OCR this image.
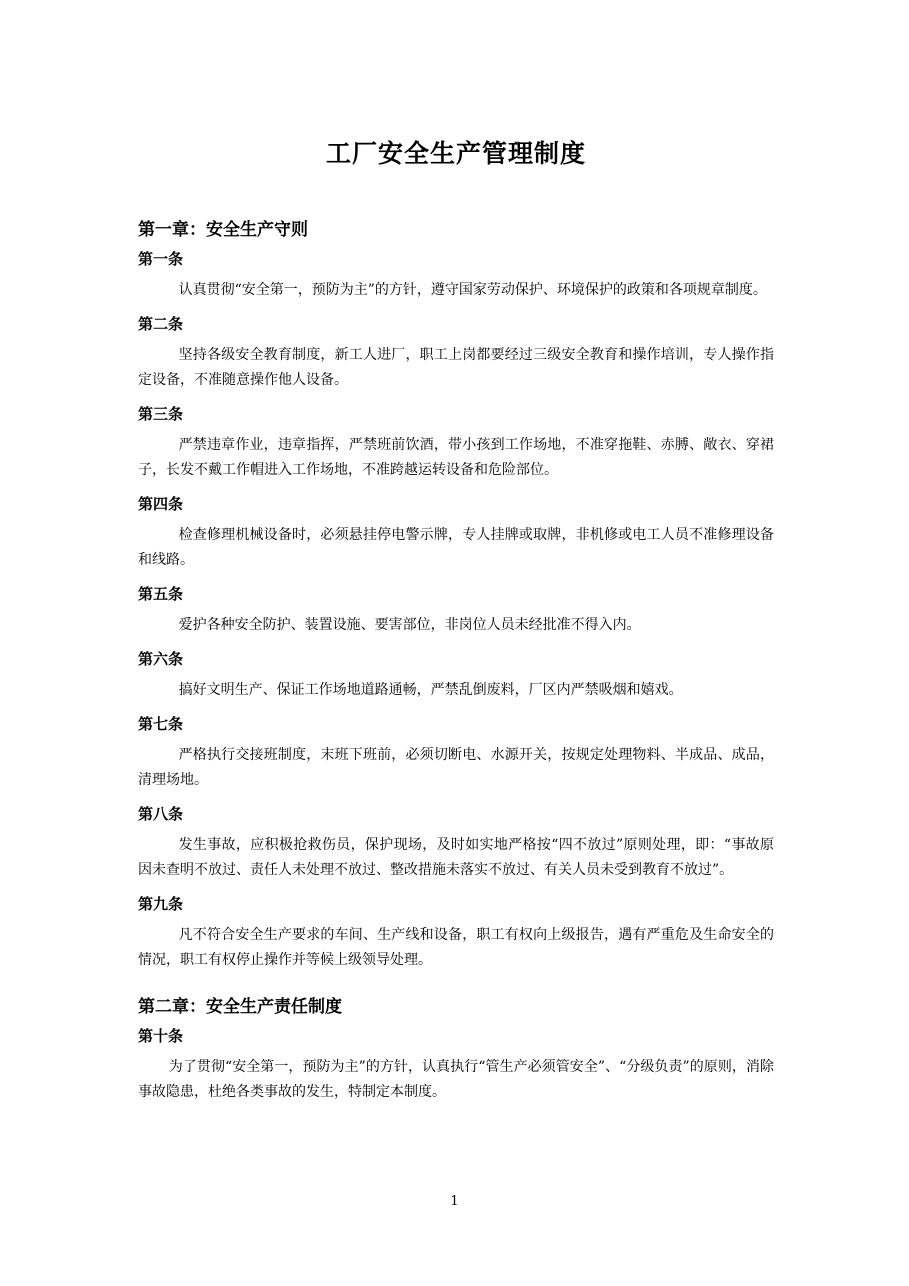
工厂安全生产管理制度
第一章：安全生产守则
第一条

认真贯彻“安全第一，预防为主”的方针，遵守国家劳动保护、环境保护的政策和各项规章制度。

第二条

坚持各级安全教育制度，新工人进厂，职工上岗都要经过三级安全教育和操作培训，专人操作指定设备，不准随意操作他人设备。

第三条

严禁违章作业，违章指挥，严禁班前饮酒，带小孩到工作场地，不准穿拖鞋、赤膊、敞衣、穿裙子，长发不戴工作帽进入工作场地，不准跨越运转设备和危险部位。

第四条

检查修理机械设备时，必须悬挂停电警示牌，专人挂牌或取牌，非机修或电工人员不准修理设备和线路。

第五条

爱护各种安全防护、装置设施、要害部位，非岗位人员未经批准不得入内。

第六条

搞好文明生产、保证工作场地道路通畅，严禁乱倒废料，厂区内严禁吸烟和嬉戏。

第七条

严格执行交接班制度，末班下班前，必须切断电、水源开关，按规定处理物料、半成品、成品，清理场地。

第八条

发生事故，应积极抢救伤员，保护现场，及时如实地严格按“四不放过”原则处理，即：“事故原因未查明不放过、责任人未处理不放过、整改措施未落实不放过、有关人员未受到教育不放过”。

第九条

凡不符合安全生产要求的车间、生产线和设备，职工有权向上级报告，遇有严重危及生命安全的情况，职工有权停止操作并等候上级领导处理。

第二章：安全生产责任制度
第十条

为了贯彻“安全第一，预防为主”的方针，认真执行“管生产必须管安全”、“分级负责”的原则，消除事故隐患，杜绝各类事故的发生，特制定本制度。

1
